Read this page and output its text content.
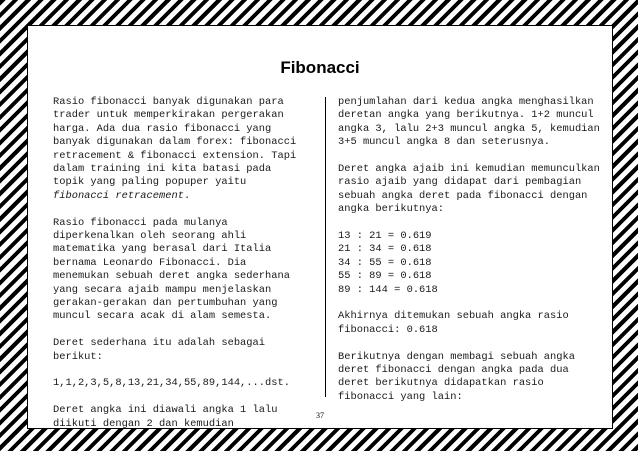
Fibonacci

Rasio fibonacci banyak digunakan para trader untuk memperkirakan pergerakan harga. Ada dua rasio fibonacci yang banyak digunakan dalam forex: fibonacci retracement & fibonacci extension. Tapi dalam training ini kita batasi pada topik yang paling popuper yaitu fibonacci retracement.

Rasio fibonacci pada mulanya diperkenalkan oleh seorang ahli matematika yang berasal dari Italia bernama Leonardo Fibonacci. Dia menemukan sebuah deret angka sederhana yang secara ajaib mampu menjelaskan gerakan-gerakan dan pertumbuhan yang muncul secara acak di alam semesta.

Deret sederhana itu adalah sebagai berikut:

1,1,2,3,5,8,13,21,34,55,89,144,...dst.

Deret angka ini diawali angka 1 lalu diikuti dengan 2 dan kemudian

penjumlahan dari kedua angka menghasilkan deretan angka yang berikutnya. 1+2 muncul angka 3, lalu 2+3 muncul angka 5, kemudian 3+5 muncul angka 8 dan seterusnya.

Deret angka ajaib ini kemudian memunculkan rasio ajaib yang didapat dari pembagian sebuah angka deret pada fibonacci dengan angka berikutnya:

13 : 21 = 0.619
21 : 34 = 0.618
34 : 55 = 0.618
55 : 89 = 0.618
89 : 144 = 0.618

Akhirnya ditemukan sebuah angka rasio fibonacci: 0.618

Berikutnya dengan membagi sebuah angka deret fibonacci dengan angka pada dua deret berikutnya didapatkan rasio fibonacci yang lain:

37
